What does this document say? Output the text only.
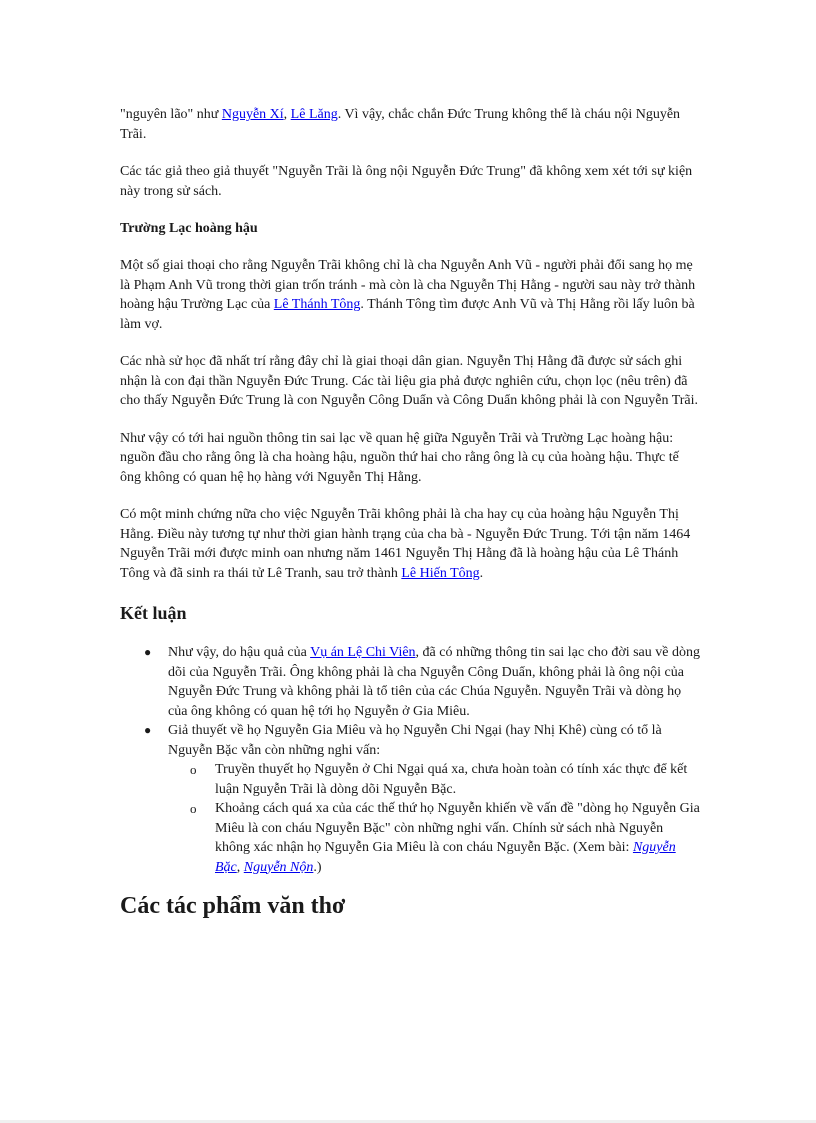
"nguyên lão" như Nguyễn Xí, Lê Lăng. Vì vậy, chắc chắn Đức Trung không thể là cháu nội Nguyễn Trãi.

Các tác giả theo giả thuyết "Nguyễn Trãi là ông nội Nguyễn Đức Trung" đã không xem xét tới sự kiện này trong sử sách.

Trường Lạc hoàng hậu

Một số giai thoại cho rằng Nguyễn Trãi không chỉ là cha Nguyễn Anh Vũ - người phải đổi sang họ mẹ là Phạm Anh Vũ trong thời gian trốn tránh - mà còn là cha Nguyễn Thị Hằng - người sau này trở thành hoàng hậu Trường Lạc của Lê Thánh Tông. Thánh Tông tìm được Anh Vũ và Thị Hằng rồi lấy luôn bà làm vợ.

Các nhà sử học đã nhất trí rằng đây chỉ là giai thoại dân gian. Nguyễn Thị Hằng đã được sử sách ghi nhận là con đại thần Nguyễn Đức Trung. Các tài liệu gia phả được nghiên cứu, chọn lọc (nêu trên) đã cho thấy Nguyễn Đức Trung là con Nguyễn Công Duẩn và Công Duẩn không phải là con Nguyễn Trãi.

Như vậy có tới hai nguồn thông tin sai lạc về quan hệ giữa Nguyễn Trãi và Trường Lạc hoàng hậu: nguồn đầu cho rằng ông là cha hoàng hậu, nguồn thứ hai cho rằng ông là cụ của hoàng hậu. Thực tế ông không có quan hệ họ hàng với Nguyễn Thị Hằng.

Có một minh chứng nữa cho việc Nguyễn Trãi không phải là cha hay cụ của hoàng hậu Nguyễn Thị Hằng. Điều này tương tự như thời gian hành trạng của cha bà - Nguyễn Đức Trung. Tới tận năm 1464 Nguyễn Trãi mới được minh oan nhưng năm 1461 Nguyễn Thị Hằng đã là hoàng hậu của Lê Thánh Tông và đã sinh ra thái tử Lê Tranh, sau trở thành Lê Hiến Tông.

Kết luận
● Như vậy, do hậu quả của Vụ án Lệ Chi Viên, đã có những thông tin sai lạc cho đời sau về dòng dõi của Nguyễn Trãi. Ông không phải là cha Nguyễn Công Duẩn, không phải là ông nội của Nguyễn Đức Trung và không phải là tổ tiên của các Chúa Nguyễn. Nguyễn Trãi và dòng họ của ông không có quan hệ tới họ Nguyễn ở Gia Miêu.
● Giả thuyết về họ Nguyễn Gia Miêu và họ Nguyễn Chi Ngại (hay Nhị Khê) cùng có tổ là Nguyễn Bặc vẫn còn những nghi vấn:
o Truyền thuyết họ Nguyễn ở Chi Ngại quá xa, chưa hoàn toàn có tính xác thực để kết luận Nguyễn Trãi là dòng dõi Nguyễn Bặc.
o Khoảng cách quá xa của các thế thứ họ Nguyễn khiến về vấn đề "dòng họ Nguyễn Gia Miêu là con cháu Nguyễn Bặc" còn những nghi vấn. Chính sử sách nhà Nguyễn không xác nhận họ Nguyễn Gia Miêu là con cháu Nguyễn Bặc. (Xem bài: Nguyễn Bặc, Nguyễn Nộn.)
Các tác phẩm văn thơ
